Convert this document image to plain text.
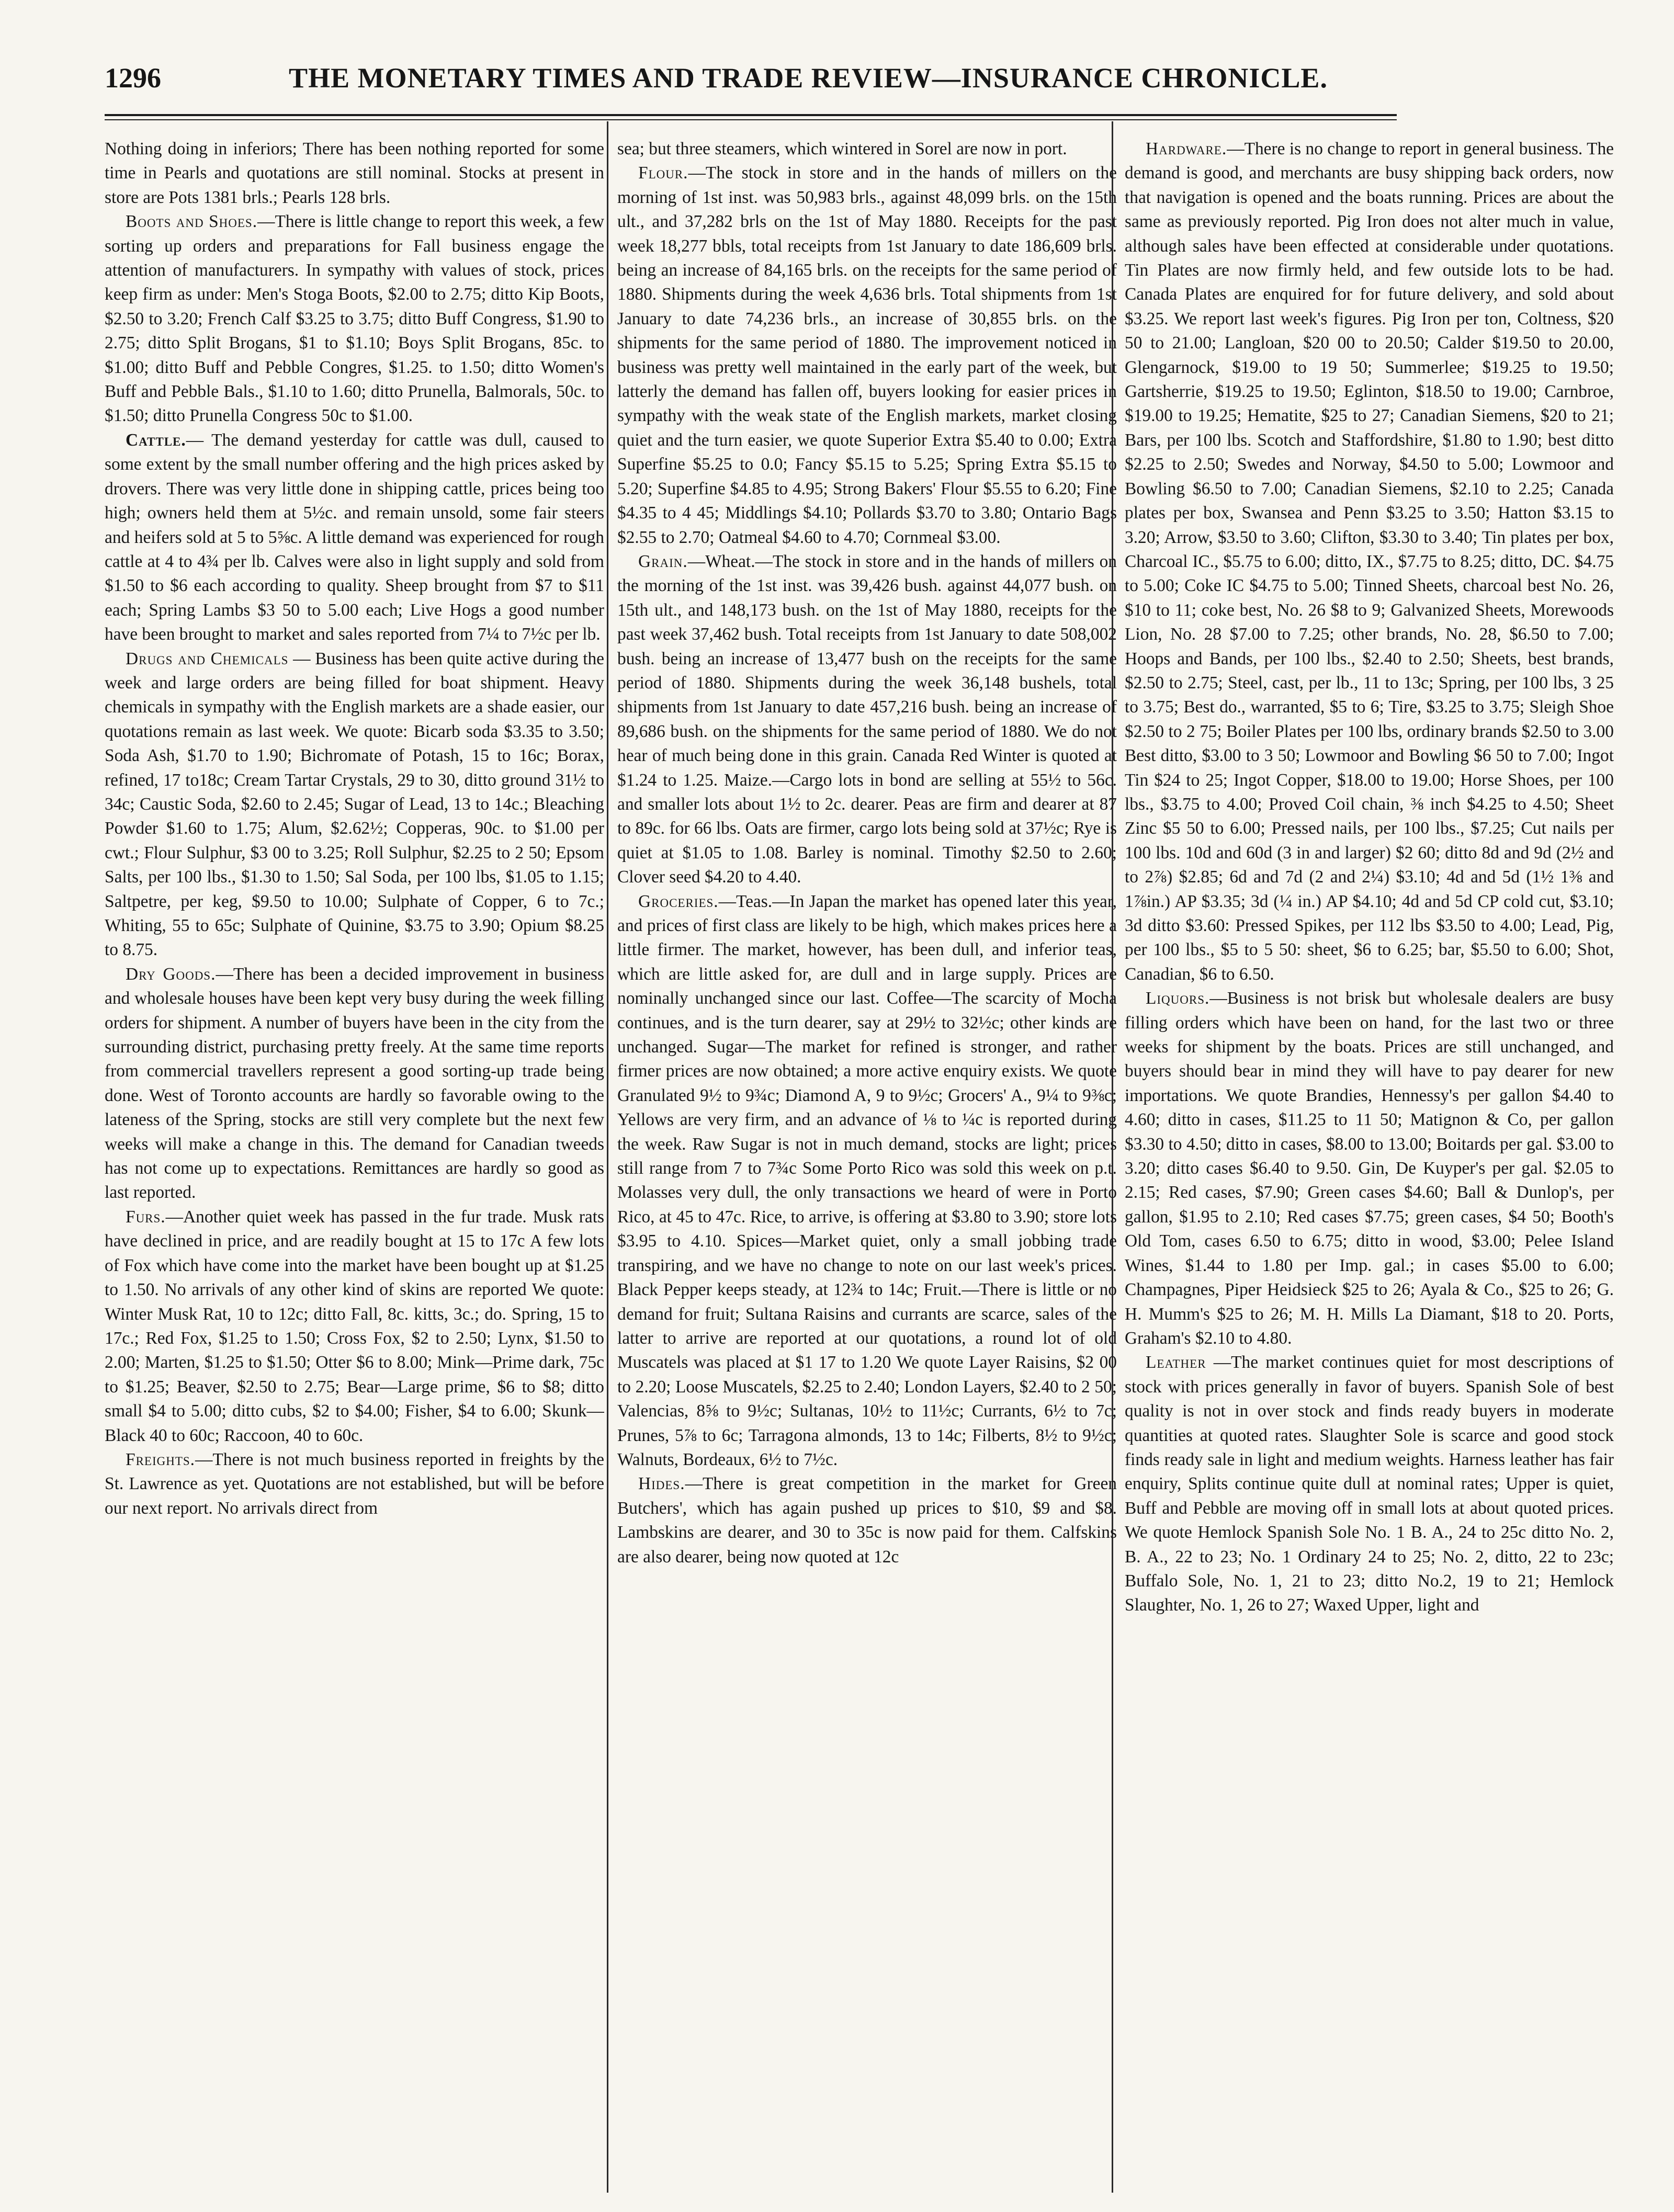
1296	THE MONETARY TIMES AND TRADE REVIEW—INSURANCE CHRONICLE.

Nothing doing in inferiors; There has been nothing reported for some time in Pearls and quotations are still nominal. Stocks at present in store are Pots 1381 brls.; Pearls 128 brls.

Boots and Shoes.—There is little change to report this week, a few sorting up orders and preparations for Fall business engage the attention of manufacturers. In sympathy with values of stock, prices keep firm as under: Men's Stoga Boots, $2.00 to 2.75; ditto Kip Boots, $2.50 to 3.20; French Calf $3.25 to 3.75; ditto Buff Congress, $1.90 to 2.75; ditto Split Brogans, $1 to $1.10; Boys Split Brogans, 85c. to $1.00; ditto Buff and Pebble Congres, $1.25. to 1.50; ditto Women's Buff and Pebble Bals., $1.10 to 1.60; ditto Prunella, Balmorals, 50c. to $1.50; ditto Prunella Congress 50c to $1.00.

Cattle.— The demand yesterday for cattle was dull, caused to some extent by the small number offering and the high prices asked by drovers. There was very little done in shipping cattle, prices being too high; owners held them at 5½c. and remain unsold, some fair steers and heifers sold at 5 to 5⅝c. A little demand was experienced for rough cattle at 4 to 4¾ per lb. Calves were also in light supply and sold from $1.50 to $6 each according to quality. Sheep brought from $7 to $11 each; Spring Lambs $3 50 to 5.00 each; Live Hogs a good number have been brought to market and sales reported from 7¼ to 7½c per lb.

Drugs and Chemicals — Business has been quite active during the week and large orders are being filled for boat shipment. Heavy chemicals in sympathy with the English markets are a shade easier, our quotations remain as last week. We quote: Bicarb soda $3.35 to 3.50; Soda Ash, $1.70 to 1.90; Bichromate of Potash, 15 to 16c; Borax, refined, 17 to18c; Cream Tartar Crystals, 29 to 30, ditto ground 31½ to 34c; Caustic Soda, $2.60 to 2.45; Sugar of Lead, 13 to 14c.; Bleaching Powder $1.60 to 1.75; Alum, $2.62½; Copperas, 90c. to $1.00 per cwt.; Flour Sulphur, $3 00 to 3.25; Roll Sulphur, $2.25 to 2 50; Epsom Salts, per 100 lbs., $1.30 to 1.50; Sal Soda, per 100 lbs, $1.05 to 1.15; Saltpetre, per keg, $9.50 to 10.00; Sulphate of Copper, 6 to 7c.; Whiting, 55 to 65c; Sulphate of Quinine, $3.75 to 3.90; Opium $8.25 to 8.75.

Dry Goods.—There has been a decided improvement in business and wholesale houses have been kept very busy during the week filling orders for shipment. A number of buyers have been in the city from the surrounding district, purchasing pretty freely. At the same time reports from commercial travellers represent a good sorting-up trade being done. West of Toronto accounts are hardly so favorable owing to the lateness of the Spring, stocks are still very complete but the next few weeks will make a change in this. The demand for Canadian tweeds has not come up to expectations. Remittances are hardly so good as last reported.

Furs.—Another quiet week has passed in the fur trade. Musk rats have declined in price, and are readily bought at 15 to 17c A few lots of Fox which have come into the market have been bought up at $1.25 to 1.50. No arrivals of any other kind of skins are reported We quote: Winter Musk Rat, 10 to 12c; ditto Fall, 8c. kitts, 3c.; do. Spring, 15 to 17c.; Red Fox, $1.25 to 1.50; Cross Fox, $2 to 2.50; Lynx, $1.50 to 2.00; Marten, $1.25 to $1.50; Otter $6 to 8.00; Mink—Prime dark, 75c to $1.25; Beaver, $2.50 to 2.75; Bear—Large prime, $6 to $8; ditto small $4 to 5.00; ditto cubs, $2 to $4.00; Fisher, $4 to 6.00; Skunk—Black 40 to 60c; Raccoon, 40 to 60c.

Freights.—There is not much business reported in freights by the St. Lawrence as yet. Quotations are not established, but will be before our next report. No arrivals direct from

sea; but three steamers, which wintered in Sorel are now in port.

Flour.—The stock in store and in the hands of millers on the morning of 1st inst. was 50,983 brls., against 48,099 brls. on the 15th ult., and 37,282 brls on the 1st of May 1880. Receipts for the past week 18,277 bbls, total receipts from 1st January to date 186,609 brls. being an increase of 84,165 brls. on the receipts for the same period of 1880. Shipments during the week 4,636 brls. Total shipments from 1st January to date 74,236 brls., an increase of 30,855 brls. on the shipments for the same period of 1880. The improvement noticed in business was pretty well maintained in the early part of the week, but latterly the demand has fallen off, buyers looking for easier prices in sympathy with the weak state of the English markets, market closing quiet and the turn easier, we quote Superior Extra $5.40 to 0.00; Extra Superfine $5.25 to 0.0; Fancy $5.15 to 5.25; Spring Extra $5.15 to 5.20; Superfine $4.85 to 4.95; Strong Bakers' Flour $5.55 to 6.20; Fine $4.35 to 4 45; Middlings $4.10; Pollards $3.70 to 3.80; Ontario Bags $2.55 to 2.70; Oatmeal $4.60 to 4.70; Cornmeal $3.00.

Grain.—Wheat.—The stock in store and in the hands of millers on the morning of the 1st inst. was 39,426 bush. against 44,077 bush. on 15th ult., and 148,173 bush. on the 1st of May 1880, receipts for the past week 37,462 bush. Total receipts from 1st January to date 508,002 bush. being an increase of 13,477 bush on the receipts for the same period of 1880. Shipments during the week 36,148 bushels, total shipments from 1st January to date 457,216 bush. being an increase of 89,686 bush. on the shipments for the same period of 1880. We do not hear of much being done in this grain. Canada Red Winter is quoted at $1.24 to 1.25. Maize.—Cargo lots in bond are selling at 55½ to 56c. and smaller lots about 1½ to 2c. dearer. Peas are firm and dearer at 87 to 89c. for 66 lbs. Oats are firmer, cargo lots being sold at 37½c; Rye is quiet at $1.05 to 1.08. Barley is nominal. Timothy $2.50 to 2.60; Clover seed $4.20 to 4.40.

Groceries.—Teas.—In Japan the market has opened later this year, and prices of first class are likely to be high, which makes prices here a little firmer. The market, however, has been dull, and inferior teas, which are little asked for, are dull and in large supply. Prices are nominally unchanged since our last. Coffee—The scarcity of Mocha continues, and is the turn dearer, say at 29½ to 32½c; other kinds are unchanged. Sugar—The market for refined is stronger, and rather firmer prices are now obtained; a more active enquiry exists. We quote Granulated 9½ to 9¾c; Diamond A, 9 to 9½c; Grocers' A., 9¼ to 9⅜c; Yellows are very firm, and an advance of ⅛ to ¼c is reported during the week. Raw Sugar is not in much demand, stocks are light; prices still range from 7 to 7¾c Some Porto Rico was sold this week on p.t. Molasses very dull, the only transactions we heard of were in Porto Rico, at 45 to 47c. Rice, to arrive, is offering at $3.80 to 3.90; store lots $3.95 to 4.10. Spices—Market quiet, only a small jobbing trade transpiring, and we have no change to note on our last week's prices. Black Pepper keeps steady, at 12¾ to 14c; Fruit.—There is little or no demand for fruit; Sultana Raisins and currants are scarce, sales of the latter to arrive are reported at our quotations, a round lot of old Muscatels was placed at $1 17 to 1.20 We quote Layer Raisins, $2 00 to 2.20; Loose Muscatels, $2.25 to 2.40; London Layers, $2.40 to 2 50; Valencias, 8⅝ to 9½c; Sultanas, 10½ to 11½c; Currants, 6½ to 7c; Prunes, 5⅞ to 6c; Tarragona almonds, 13 to 14c; Filberts, 8½ to 9½c; Walnuts, Bordeaux, 6½ to 7½c.

Hides.—There is great competition in the market for Green Butchers', which has again pushed up prices to $10, $9 and $8. Lambskins are dearer, and 30 to 35c is now paid for them. Calfskins are also dearer, being now quoted at 12c

Hardware.—There is no change to report in general business. The demand is good, and merchants are busy shipping back orders, now that navigation is opened and the boats running. Prices are about the same as previously reported. Pig Iron does not alter much in value, although sales have been effected at considerable under quotations. Tin Plates are now firmly held, and few outside lots to be had. Canada Plates are enquired for for future delivery, and sold about $3.25. We report last week's figures. Pig Iron per ton, Coltness, $20 50 to 21.00; Langloan, $20 00 to 20.50; Calder $19.50 to 20.00, Glengarnock, $19.00 to 19 50; Summerlee; $19.25 to 19.50; Gartsherrie, $19.25 to 19.50; Eglinton, $18.50 to 19.00; Carnbroe, $19.00 to 19.25; Hematite, $25 to 27; Canadian Siemens, $20 to 21; Bars, per 100 lbs. Scotch and Staffordshire, $1.80 to 1.90; best ditto $2.25 to 2.50; Swedes and Norway, $4.50 to 5.00; Lowmoor and Bowling $6.50 to 7.00; Canadian Siemens, $2.10 to 2.25; Canada plates per box, Swansea and Penn $3.25 to 3.50; Hatton $3.15 to 3.20; Arrow, $3.50 to 3.60; Clifton, $3.30 to 3.40; Tin plates per box, Charcoal IC., $5.75 to 6.00; ditto, IX., $7.75 to 8.25; ditto, DC. $4.75 to 5.00; Coke IC $4.75 to 5.00; Tinned Sheets, charcoal best No. 26, $10 to 11; coke best, No. 26 $8 to 9; Galvanized Sheets, Morewoods Lion, No. 28 $7.00 to 7.25; other brands, No. 28, $6.50 to 7.00; Hoops and Bands, per 100 lbs., $2.40 to 2.50; Sheets, best brands, $2.50 to 2.75; Steel, cast, per lb., 11 to 13c; Spring, per 100 lbs, 3 25 to 3.75; Best do., warranted, $5 to 6; Tire, $3.25 to 3.75; Sleigh Shoe $2.50 to 2 75; Boiler Plates per 100 lbs, ordinary brands $2.50 to 3.00 Best ditto, $3.00 to 3 50; Lowmoor and Bowling $6 50 to 7.00; Ingot Tin $24 to 25; Ingot Copper, $18.00 to 19.00; Horse Shoes, per 100 lbs., $3.75 to 4.00; Proved Coil chain, ⅜ inch $4.25 to 4.50; Sheet Zinc $5 50 to 6.00; Pressed nails, per 100 lbs., $7.25; Cut nails per 100 lbs. 10d and 60d (3 in and larger) $2 60; ditto 8d and 9d (2½ and to 2⅞) $2.85; 6d and 7d (2 and 2¼) $3.10; 4d and 5d (1½ 1⅜ and 1⅞in.) AP $3.35; 3d (¼ in.) AP $4.10; 4d and 5d CP cold cut, $3.10; 3d ditto $3.60: Pressed Spikes, per 112 lbs $3.50 to 4.00; Lead, Pig, per 100 lbs., $5 to 5 50: sheet, $6 to 6.25; bar, $5.50 to 6.00; Shot, Canadian, $6 to 6.50.

Liquors.—Business is not brisk but wholesale dealers are busy filling orders which have been on hand, for the last two or three weeks for shipment by the boats. Prices are still unchanged, and buyers should bear in mind they will have to pay dearer for new importations. We quote Brandies, Hennessy's per gallon $4.40 to 4.60; ditto in cases, $11.25 to 11 50; Matignon & Co, per gallon $3.30 to 4.50; ditto in cases, $8.00 to 13.00; Boitards per gal. $3.00 to 3.20; ditto cases $6.40 to 9.50. Gin, De Kuyper's per gal. $2.05 to 2.15; Red cases, $7.90; Green cases $4.60; Ball & Dunlop's, per gallon, $1.95 to 2.10; Red cases $7.75; green cases, $4 50; Booth's Old Tom, cases 6.50 to 6.75; ditto in wood, $3.00; Pelee Island Wines, $1.44 to 1.80 per Imp. gal.; in cases $5.00 to 6.00; Champagnes, Piper Heidsieck $25 to 26; Ayala & Co., $25 to 26; G. H. Mumm's $25 to 26; M. H. Mills La Diamant, $18 to 20. Ports, Graham's $2.10 to 4.80.

Leather —The market continues quiet for most descriptions of stock with prices generally in favor of buyers. Spanish Sole of best quality is not in over stock and finds ready buyers in moderate quantities at quoted rates. Slaughter Sole is scarce and good stock finds ready sale in light and medium weights. Harness leather has fair enquiry, Splits continue quite dull at nominal rates; Upper is quiet, Buff and Pebble are moving off in small lots at about quoted prices. We quote Hemlock Spanish Sole No. 1 B. A., 24 to 25c ditto No. 2, B. A., 22 to 23; No. 1 Ordinary 24 to 25; No. 2, ditto, 22 to 23c; Buffalo Sole, No. 1, 21 to 23; ditto No.2, 19 to 21; Hemlock Slaughter, No. 1, 26 to 27; Waxed Upper, light and
